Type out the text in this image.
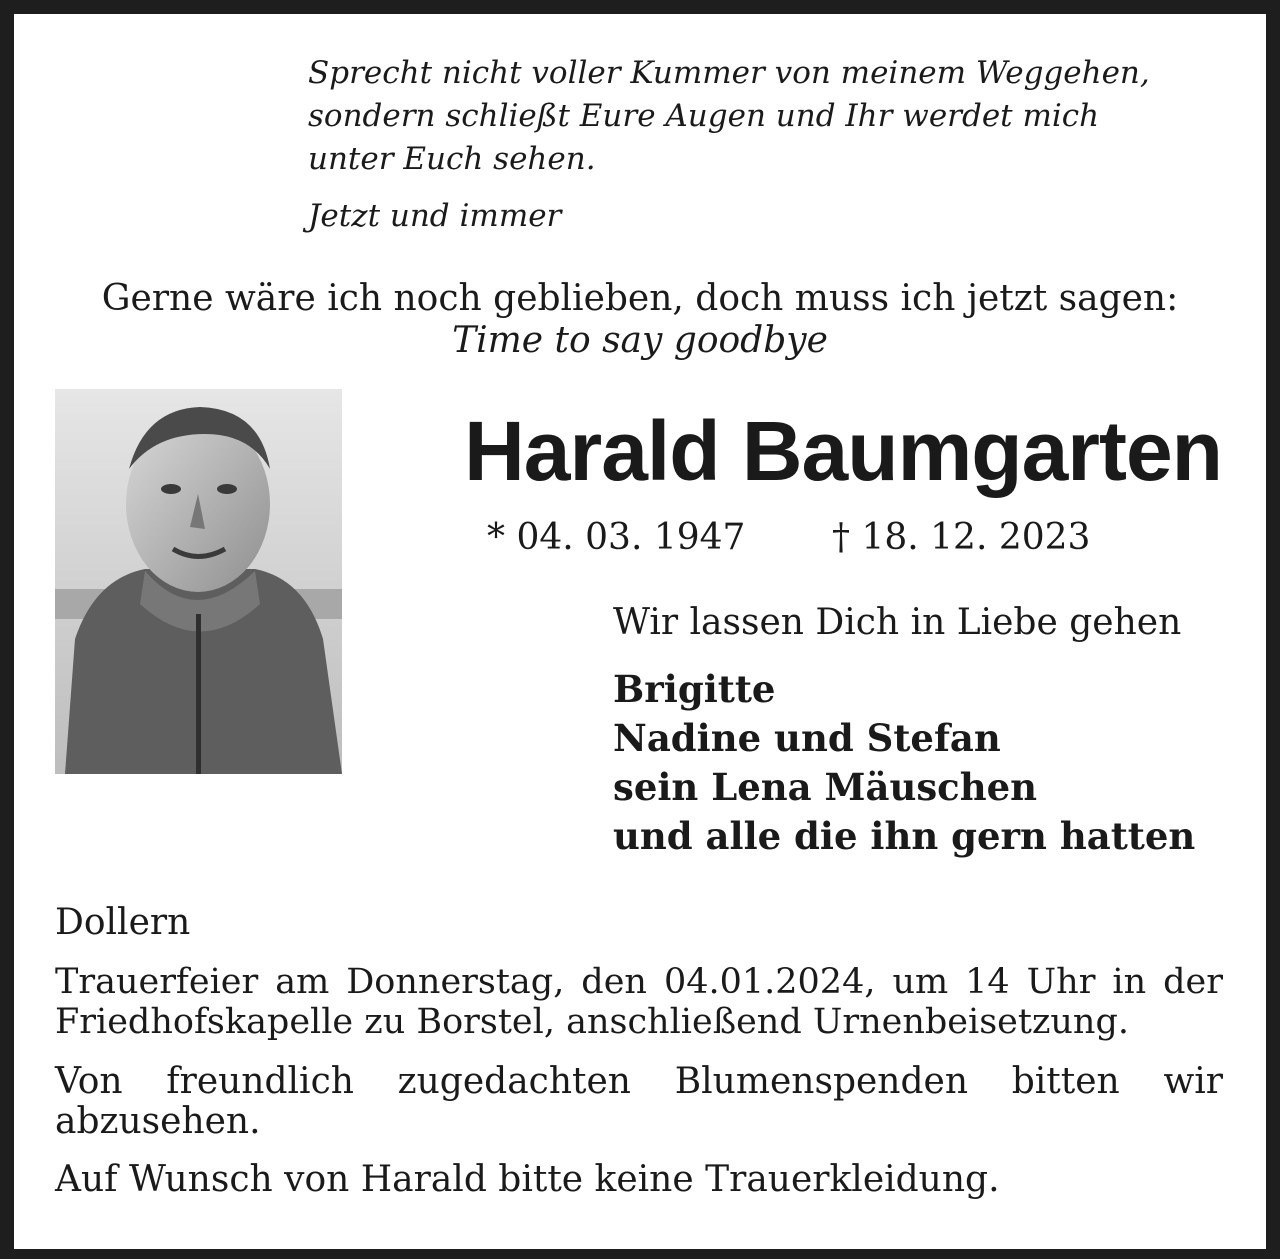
Sprecht nicht voller Kummer von meinem Weggehen,
sondern schließt Eure Augen und Ihr werdet mich
unter Euch sehen.
Jetzt und immer
Gerne wäre ich noch geblieben, doch muss ich jetzt sagen:
Time to say goodbye
Harald Baumgarten
* 04. 03. 1947 † 18. 12. 2023
Wir lassen Dich in Liebe gehen
Brigitte
Nadine und Stefan
sein Lena Mäuschen
und alle die ihn gern hatten
Dollern

Trauerfeier am Donnerstag, den 04.01.2024, um 14 Uhr in der Friedhofskapelle zu Borstel, anschließend Urnenbeisetzung.

Von freundlich zugedachten Blumenspenden bitten wir abzusehen.

Auf Wunsch von Harald bitte keine Trauerkleidung.
